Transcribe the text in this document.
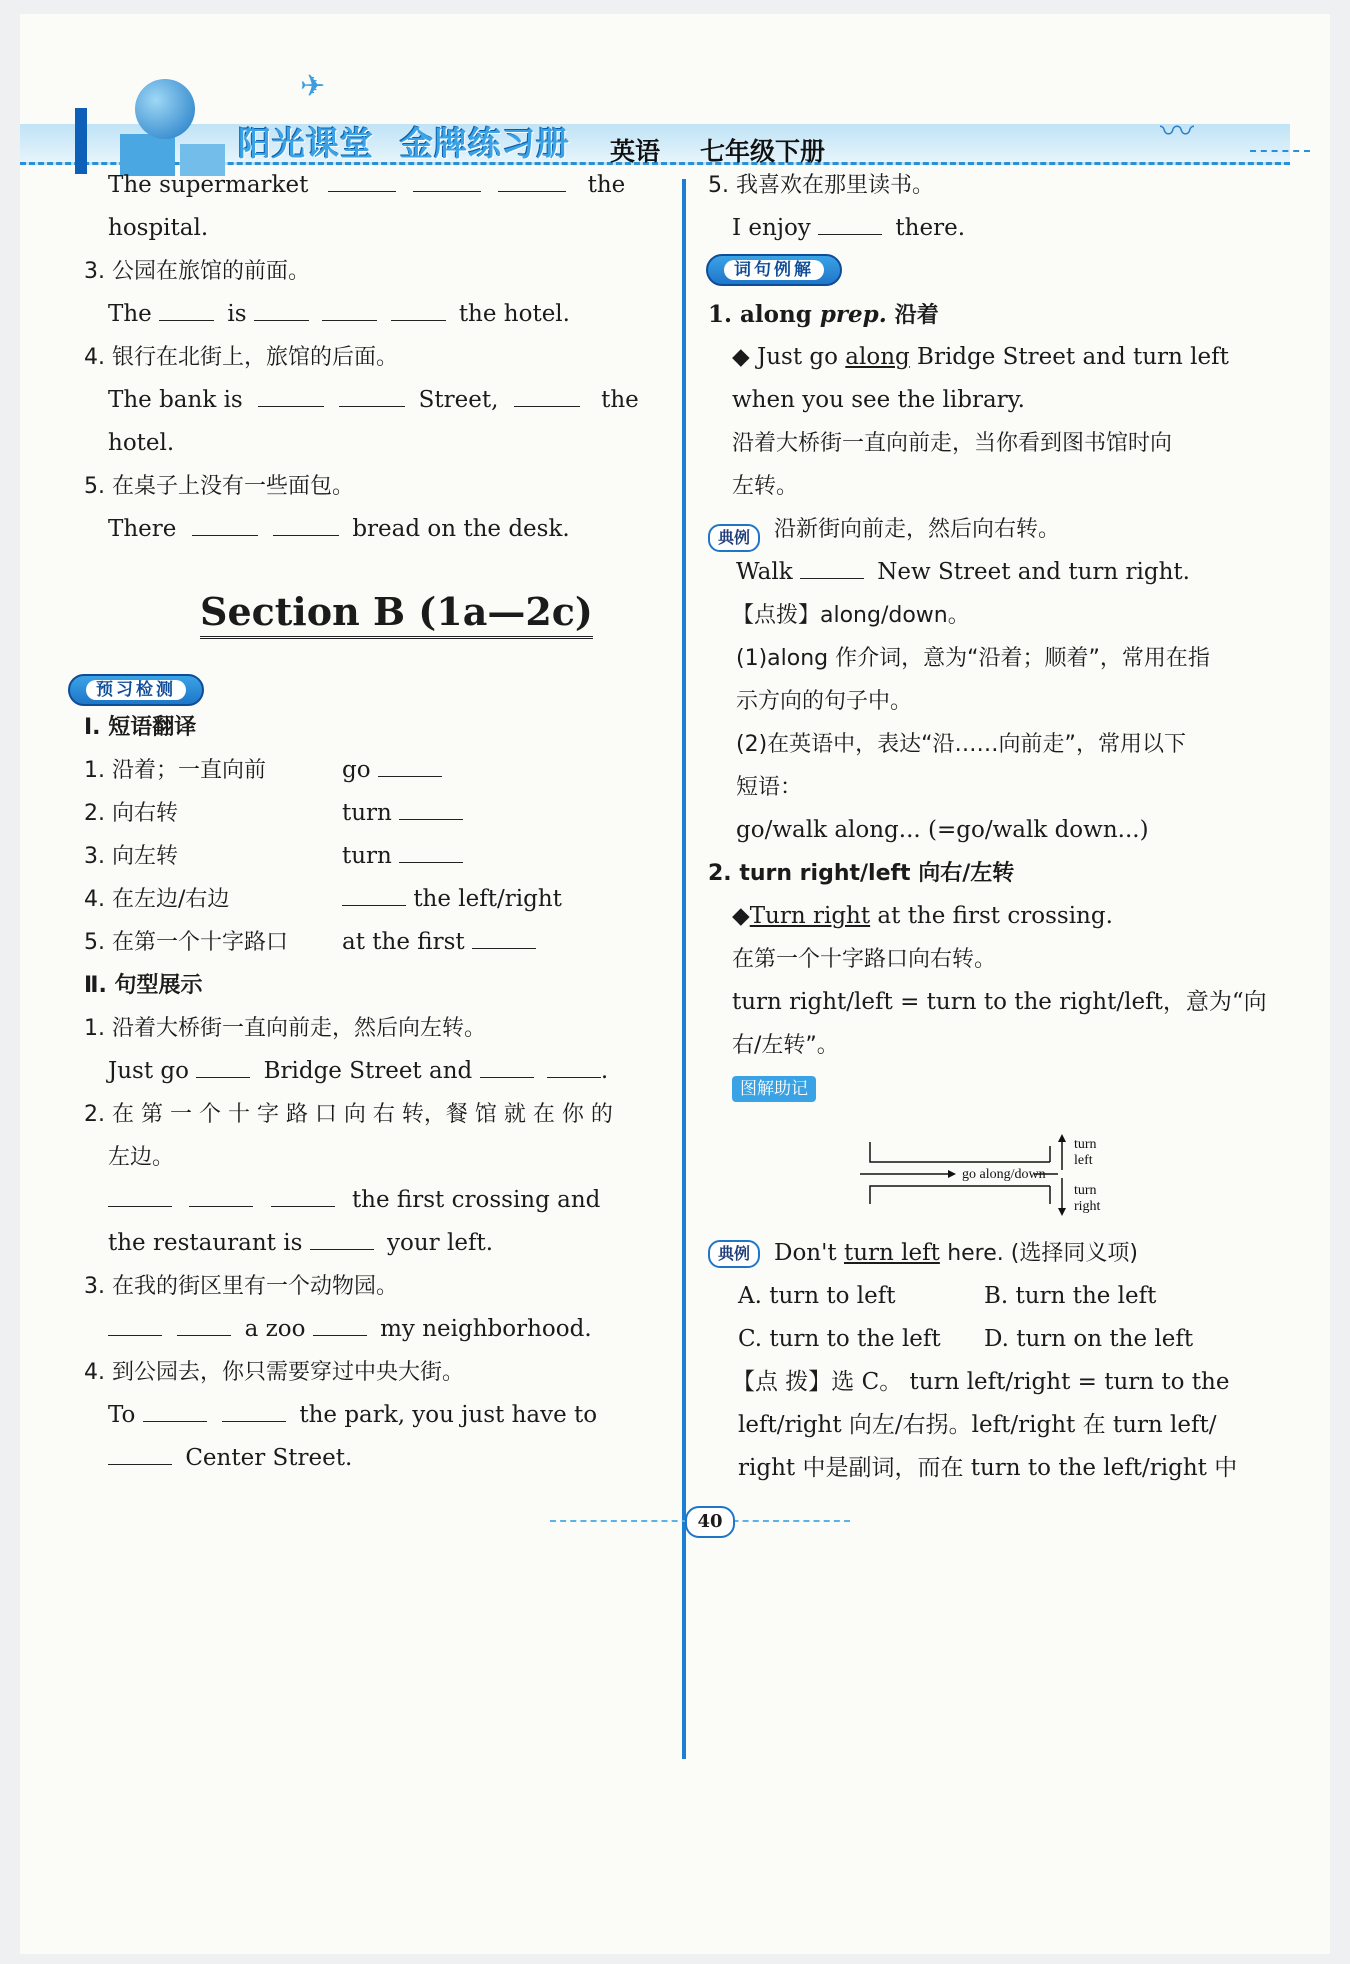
✈
阳光课堂 金牌练习册 英语 七年级下册	〰
The supermarket	the
hospital.
3. 公园在旅馆的前面。
The	is	the hotel.
4. 银行在北街上，旅馆的后面。
The bank is	Street,	the
hotel.
5. 在桌子上没有一些面包。
There	bread on the desk.
Section B (1a—2c)
预习检测
Ⅰ. 短语翻译
1. 沿着；一直向前	go
2. 向右转	turn
3. 向左转	turn
4. 在左边/右边	the left/right
5. 在第一个十字路口 at the first
Ⅱ. 句型展示
1. 沿着大桥街一直向前走，然后向左转。
Just go	Bridge Street and	.
2. 在 第 一 个 十 字 路 口 向 右 转，餐 馆 就 在 你 的
左边。
the first crossing and
the restaurant is	your left.
3. 在我的街区里有一个动物园。
a zoo	my neighborhood.
4. 到公园去，你只需要穿过中央大街。
To	the park, you just have to
Center Street.
5. 我喜欢在那里读书。
I enjoy	there.
词句例解
1. along prep. 沿着
◆ Just go along Bridge Street and turn left
when you see the library.
沿着大桥街一直向前走，当你看到图书馆时向
左转。
典例	沿新街向前走，然后向右转。
Walk	New Street and turn right.
【点拨】along/down。
(1)along 作介词，意为“沿着；顺着”，常用在指
示方向的句子中。
(2)在英语中，表达“沿……向前走”，常用以下
短语：
go/walk along... (=go/walk down...)
2. turn right/left 向右/左转
◆Turn right at the first crossing.
在第一个十字路口向右转。
turn right/left = turn to the right/left，意为“向
右/左转”。
图解助记
go along/down
turn
left
turn
right
典例	Don't turn left here. (选择同义项)
A. turn to left	B. turn the left
C. turn to the left D. turn on the left
【点 拨】选 C。 turn left/right = turn to the
left/right 向左/右拐。left/right 在 turn left/
right 中是副词，而在 turn to the left/right 中
40
